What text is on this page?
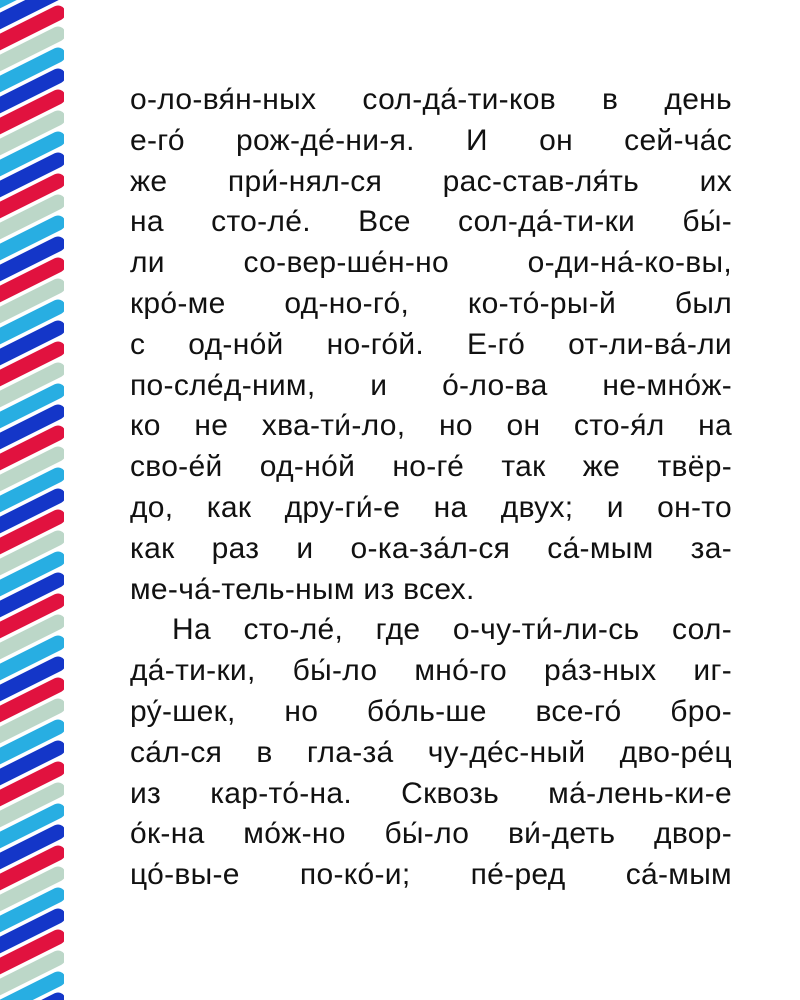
о-ло-вя́н-ных сол-да́-ти-ков в день
е-го́ рож-де́-ни-я. И он сей-ча́с
же при́-нял-ся рас-став-ля́ть их
на сто-ле́. Все сол-да́-ти-ки бы́-
ли со-вер-ше́н-но о-ди-на́-ко-вы,
кро́-ме од-но-го́, ко-то́-ры-й был
с од-но́й но-го́й. Е-го́ от-ли-ва́-ли
по-сле́д-ним, и о́-ло-ва не-мно́ж-
ко не хва-ти́-ло, но он сто-я́л на
сво-е́й од-но́й но-ге́ так же твёр-
до, как дру-ги́-е на двух; и он-то
как раз и о-ка-за́л-ся са́-мым за-
ме-ча́-тель-ным из всех.
На сто-ле́, где о-чу-ти́-ли-сь сол-
да́-ти-ки, бы́-ло мно́-го ра́з-ных иг-
ру́-шек, но бо́ль-ше все-го́ бро-
са́л-ся в гла-за́ чу-де́с-ный дво-ре́ц
из кар-то́-на. Сквозь ма́-лень-ки-е
о́к-на мо́ж-но бы́-ло ви́-деть двор-
цо́-вы-е по-ко́-и; пе́-ред са́-мым
